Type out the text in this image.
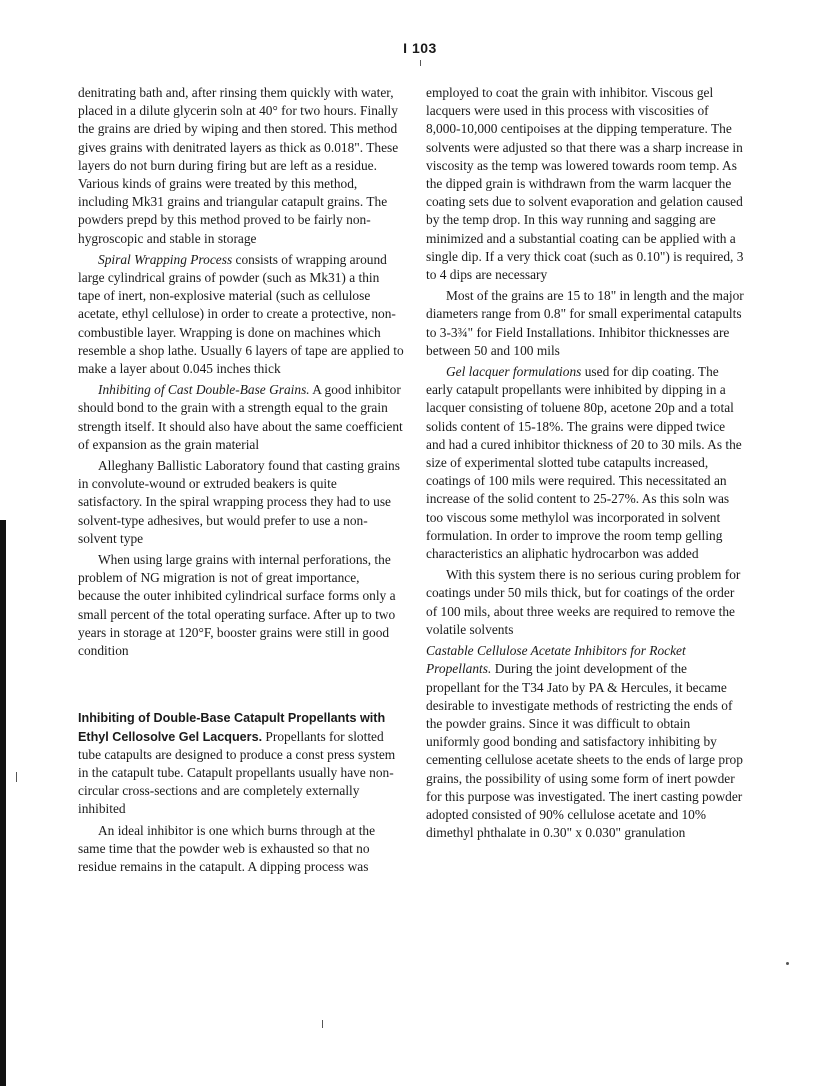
I 103

denitrating bath and, after rinsing them quickly with water, placed in a dilute glycerin soln at 40° for two hours. Finally the grains are dried by wiping and then stored. This method gives grains with denitrated layers as thick as 0.018". These layers do not burn during firing but are left as a residue. Various kinds of grains were treated by this method, including Mk31 grains and triangular catapult grains. The powders prepd by this method proved to be fairly non-hygroscopic and stable in storage

Spiral Wrapping Process consists of wrapping around large cylindrical grains of powder (such as Mk31) a thin tape of inert, non-explosive material (such as cellulose acetate, ethyl cellulose) in order to create a protective, non-combustible layer. Wrapping is done on machines which resemble a shop lathe. Usually 6 layers of tape are applied to make a layer about 0.045 inches thick

Inhibiting of Cast Double-Base Grains. A good inhibitor should bond to the grain with a strength equal to the grain strength itself. It should also have about the same coefficient of expansion as the grain material

Alleghany Ballistic Laboratory found that casting grains in convolute-wound or extruded beakers is quite satisfactory. In the spiral wrapping process they had to use solvent-type adhesives, but would prefer to use a non-solvent type

When using large grains with internal perforations, the problem of NG migration is not of great importance, because the outer inhibited cylindrical surface forms only a small percent of the total operating surface. After up to two years in storage at 120°F, booster grains were still in good condition

Inhibiting of Double-Base Catapult Propellants with Ethyl Cellosolve Gel Lacquers. Propellants for slotted tube catapults are designed to produce a const press system in the catapult tube. Catapult propellants usually have non-circular cross-sections and are completely externally inhibited

An ideal inhibitor is one which burns through at the same time that the powder web is exhausted so that no residue remains in the catapult. A dipping process was

employed to coat the grain with inhibitor. Viscous gel lacquers were used in this process with viscosities of 8,000-10,000 centipoises at the dipping temperature. The solvents were adjusted so that there was a sharp increase in viscosity as the temp was lowered towards room temp. As the dipped grain is withdrawn from the warm lacquer the coating sets due to solvent evaporation and gelation caused by the temp drop. In this way running and sagging are minimized and a substantial coating can be applied with a single dip. If a very thick coat (such as 0.10") is required, 3 to 4 dips are necessary

Most of the grains are 15 to 18" in length and the major diameters range from 0.8" for small experimental catapults to 3-3¾" for Field Installations. Inhibitor thicknesses are between 50 and 100 mils

Gel lacquer formulations used for dip coating. The early catapult propellants were inhibited by dipping in a lacquer consisting of toluene 80p, acetone 20p and a total solids content of 15-18%. The grains were dipped twice and had a cured inhibitor thickness of 20 to 30 mils. As the size of experimental slotted tube catapults increased, coatings of 100 mils were required. This necessitated an increase of the solid content to 25-27%. As this soln was too viscous some methylol was incorporated in solvent formulation. In order to improve the room temp gelling characteristics an aliphatic hydrocarbon was added

With this system there is no serious curing problem for coatings under 50 mils thick, but for coatings of the order of 100 mils, about three weeks are required to remove the volatile solvents

Castable Cellulose Acetate Inhibitors for Rocket Propellants. During the joint development of the propellant for the T34 Jato by PA & Hercules, it became desirable to investigate methods of restricting the ends of the powder grains. Since it was difficult to obtain uniformly good bonding and satisfactory inhibiting by cementing cellulose acetate sheets to the ends of large prop grains, the possibility of using some form of inert powder for this purpose was investigated. The inert casting powder adopted consisted of 90% cellulose acetate and 10% dimethyl phthalate in 0.30" x 0.030" granulation
